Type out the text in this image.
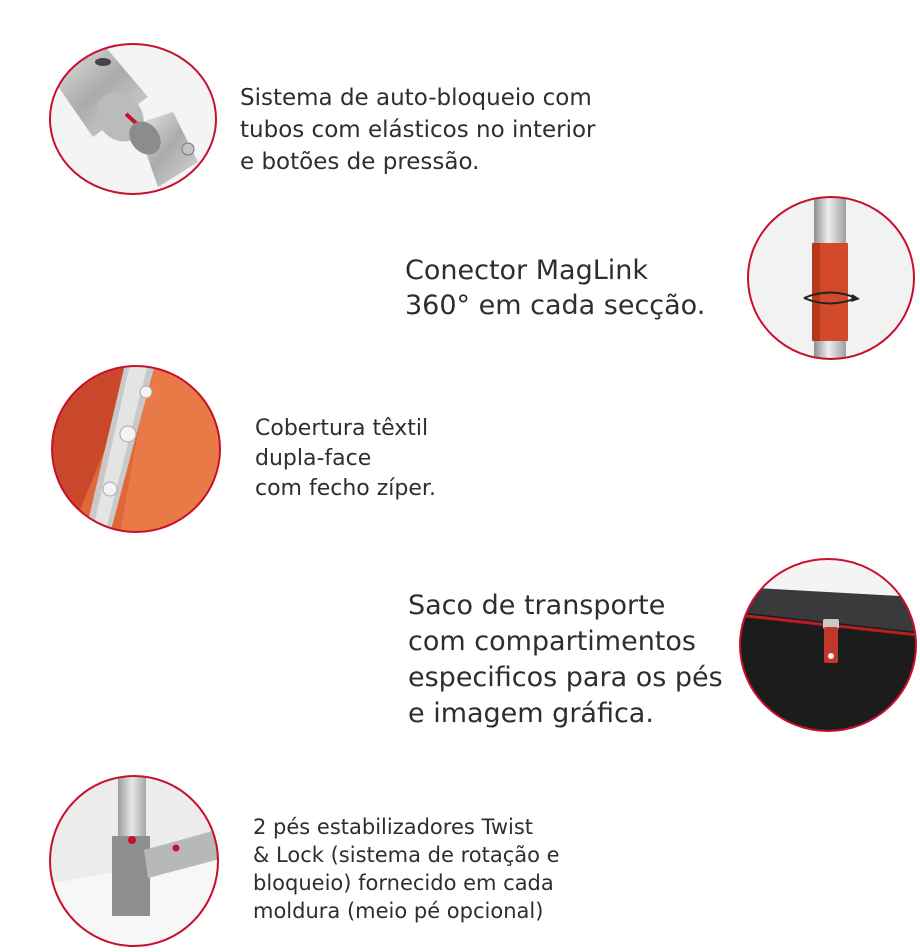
Sistema de auto-bloqueio com
tubos com elásticos no interior
e botões de pressão.

Conector MagLink
360° em cada secção.

Cobertura têxtil
dupla-face
com fecho zíper.

Saco de transporte
com compartimentos
especificos para os pés
e imagem gráfica.

2 pés estabilizadores Twist
& Lock (sistema de rotação e
bloqueio) fornecido em cada
moldura (meio pé opcional)
